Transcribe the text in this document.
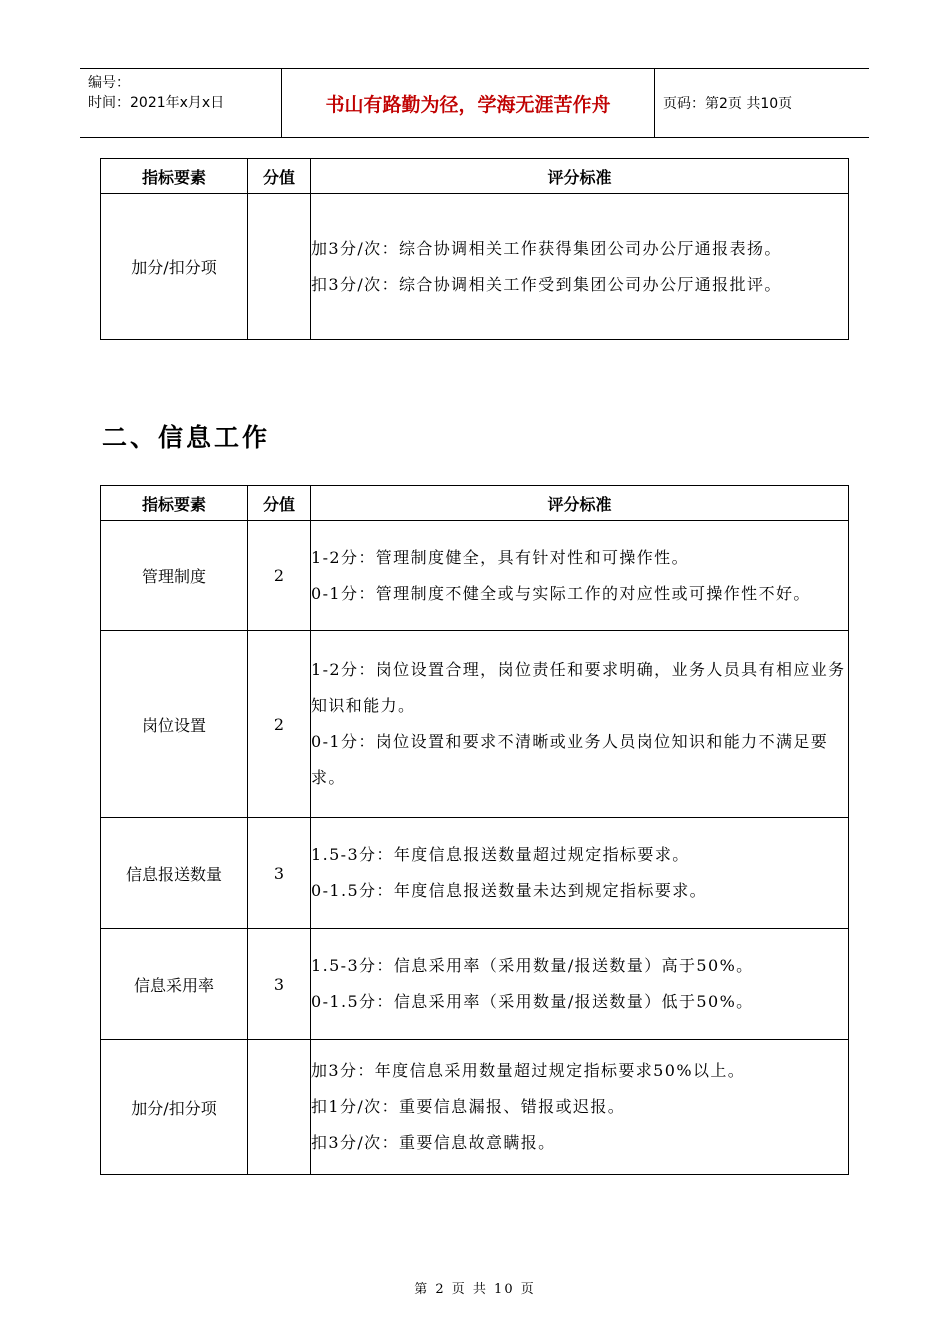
编号：
时间：2021年x月x日	书山有路勤为径，学海无涯苦作舟	页码：第2页 共10页
指标要素	分值	评分标准
加分/扣分项		加3分/次：综合协调相关工作获得集团公司办公厅通报表扬。
扣3分/次：综合协调相关工作受到集团公司办公厅通报批评。
二、信息工作
指标要素	分值	评分标准
管理制度	2	1-2分：管理制度健全，具有针对性和可操作性。
0-1分：管理制度不健全或与实际工作的对应性或可操作性不好。

岗位设置	2	1-2分：岗位设置合理，岗位责任和要求明确，业务人员具有相应业务知识和能力。
0-1分：岗位设置和要求不清晰或业务人员岗位知识和能力不满足要求。

信息报送数量	3	1.5-3分：年度信息报送数量超过规定指标要求。
0-1.5分：年度信息报送数量未达到规定指标要求。

信息采用率	3	1.5-3分：信息采用率（采用数量/报送数量）高于50%。
0-1.5分：信息采用率（采用数量/报送数量）低于50%。

加分/扣分项		加3分：年度信息采用数量超过规定指标要求50%以上。
扣1分/次：重要信息漏报、错报或迟报。
扣3分/次：重要信息故意瞒报。
第 2 页 共 10 页
